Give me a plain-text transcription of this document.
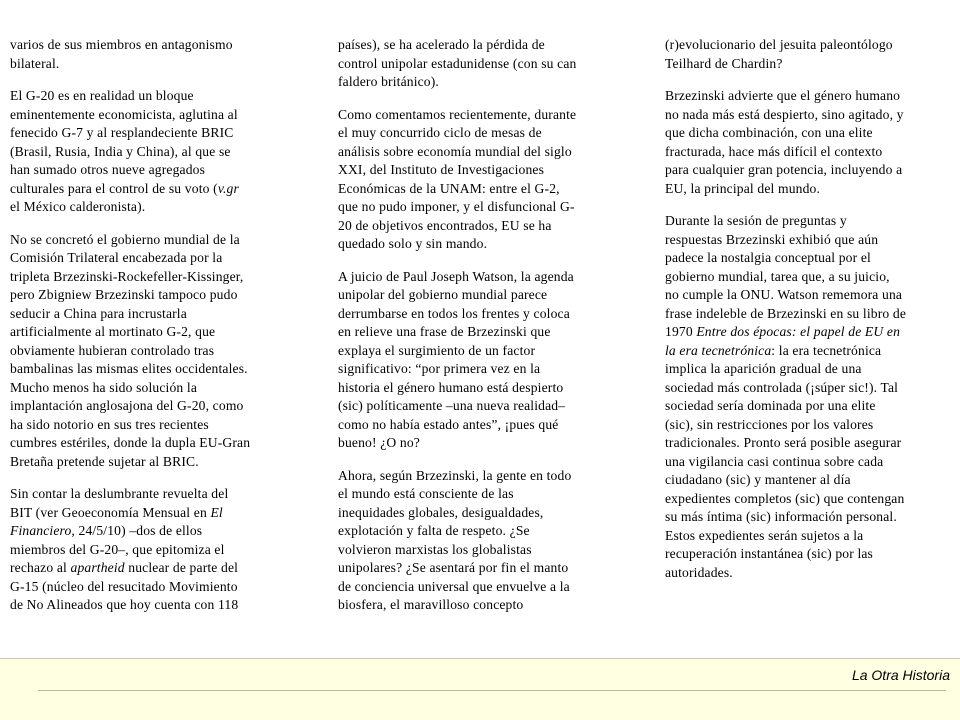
varios de sus miembros en antagonismo
bilateral.

El G-20 es en realidad un bloque
eminentemente economicista, aglutina al
fenecido G-7 y al resplandeciente BRIC
(Brasil, Rusia, India y China), al que se
han sumado otros nueve agregados
culturales para el control de su voto (v.gr
el México calderonista).

No se concretó el gobierno mundial de la
Comisión Trilateral encabezada por la
tripleta Brzezinski-Rockefeller-Kissinger,
pero Zbigniew Brzezinski tampoco pudo
seducir a China para incrustarla
artificialmente al mortinato G-2, que
obviamente hubieran controlado tras
bambalinas las mismas elites occidentales.
Mucho menos ha sido solución la
implantación anglosajona del G-20, como
ha sido notorio en sus tres recientes
cumbres estériles, donde la dupla EU-Gran
Bretaña pretende sujetar al BRIC.

Sin contar la deslumbrante revuelta del
BIT (ver Geoeconomía Mensual en El
Financiero, 24/5/10) –dos de ellos
miembros del G-20–, que epitomiza el
rechazo al apartheid nuclear de parte del
G-15 (núcleo del resucitado Movimiento
de No Alineados que hoy cuenta con 118

países), se ha acelerado la pérdida de
control unipolar estadunidense (con su can
faldero británico).

Como comentamos recientemente, durante
el muy concurrido ciclo de mesas de
análisis sobre economía mundial del siglo
XXI, del Instituto de Investigaciones
Económicas de la UNAM: entre el G-2,
que no pudo imponer, y el disfuncional G-
20 de objetivos encontrados, EU se ha
quedado solo y sin mando.

A juicio de Paul Joseph Watson, la agenda
unipolar del gobierno mundial parece
derrumbarse en todos los frentes y coloca
en relieve una frase de Brzezinski que
explaya el surgimiento de un factor
significativo: “por primera vez en la
historia el género humano está despierto
(sic) políticamente –una nueva realidad–
como no había estado antes”, ¡pues qué
bueno! ¿O no?

Ahora, según Brzezinski, la gente en todo
el mundo está consciente de las
inequidades globales, desigualdades,
explotación y falta de respeto. ¿Se
volvieron marxistas los globalistas
unipolares? ¿Se asentará por fin el manto
de conciencia universal que envuelve a la
biosfera, el maravilloso concepto

(r)evolucionario del jesuita paleontólogo
Teilhard de Chardin?

Brzezinski advierte que el género humano
no nada más está despierto, sino agitado, y
que dicha combinación, con una elite
fracturada, hace más difícil el contexto
para cualquier gran potencia, incluyendo a
EU, la principal del mundo.

Durante la sesión de preguntas y
respuestas Brzezinski exhibió que aún
padece la nostalgia conceptual por el
gobierno mundial, tarea que, a su juicio,
no cumple la ONU. Watson rememora una
frase indeleble de Brzezinski en su libro de
1970 Entre dos épocas: el papel de EU en
la era tecnetrónica: la era tecnetrónica
implica la aparición gradual de una
sociedad más controlada (¡súper sic!). Tal
sociedad sería dominada por una elite
(sic), sin restricciones por los valores
tradicionales. Pronto será posible asegurar
una vigilancia casi continua sobre cada
ciudadano (sic) y mantener al día
expedientes completos (sic) que contengan
su más íntima (sic) información personal.
Estos expedientes serán sujetos a la
recuperación instantánea (sic) por las
autoridades.

La Otra Historia
